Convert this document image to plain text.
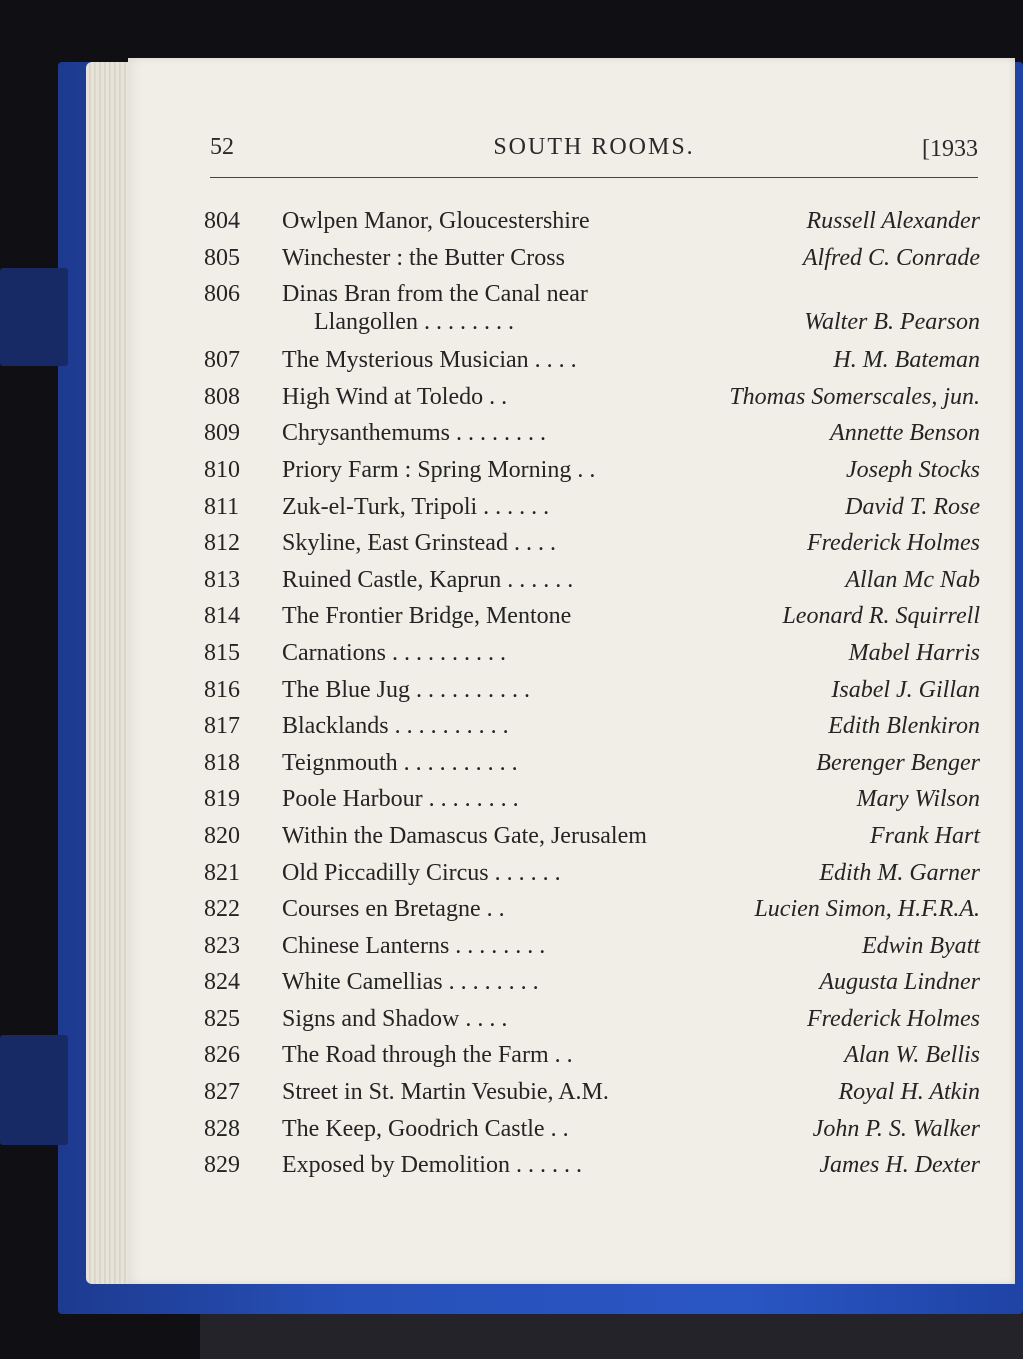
52	SOUTH ROOMS.	[1933
804	Owlpen Manor, Gloucestershire	Russell Alexander
805	Winchester : the Butter Cross	Alfred C. Conrade
806	Dinas Bran from the Canal near
Llangollen . . . . . . . .	Walter B. Pearson
807	The Mysterious Musician . . . .	H. M. Bateman
808	High Wind at Toledo . .	Thomas Somerscales, jun.
809	Chrysanthemums . . . . . . . .	Annette Benson
810	Priory Farm : Spring Morning . .	Joseph Stocks
811	Zuk-el-Turk, Tripoli . . . . . .	David T. Rose
812	Skyline, East Grinstead . . . .	Frederick Holmes
813	Ruined Castle, Kaprun . . . . . .	Allan Mc Nab
814	The Frontier Bridge, Mentone	Leonard R. Squirrell
815	Carnations . . . . . . . . . .	Mabel Harris
816	The Blue Jug . . . . . . . . . .	Isabel J. Gillan
817	Blacklands . . . . . . . . . .	Edith Blenkiron
818	Teignmouth . . . . . . . . . .	Berenger Benger
819	Poole Harbour . . . . . . . .	Mary Wilson
820	Within the Damascus Gate, Jerusalem	Frank Hart
821	Old Piccadilly Circus . . . . . .	Edith M. Garner
822	Courses en Bretagne . .	Lucien Simon, H.F.R.A.
823	Chinese Lanterns . . . . . . . .	Edwin Byatt
824	White Camellias . . . . . . . .	Augusta Lindner
825	Signs and Shadow . . . .	Frederick Holmes
826	The Road through the Farm . .	Alan W. Bellis
827	Street in St. Martin Vesubie, A.M.	Royal H. Atkin
828	The Keep, Goodrich Castle . .	John P. S. Walker
829	Exposed by Demolition . . . . . .	James H. Dexter
